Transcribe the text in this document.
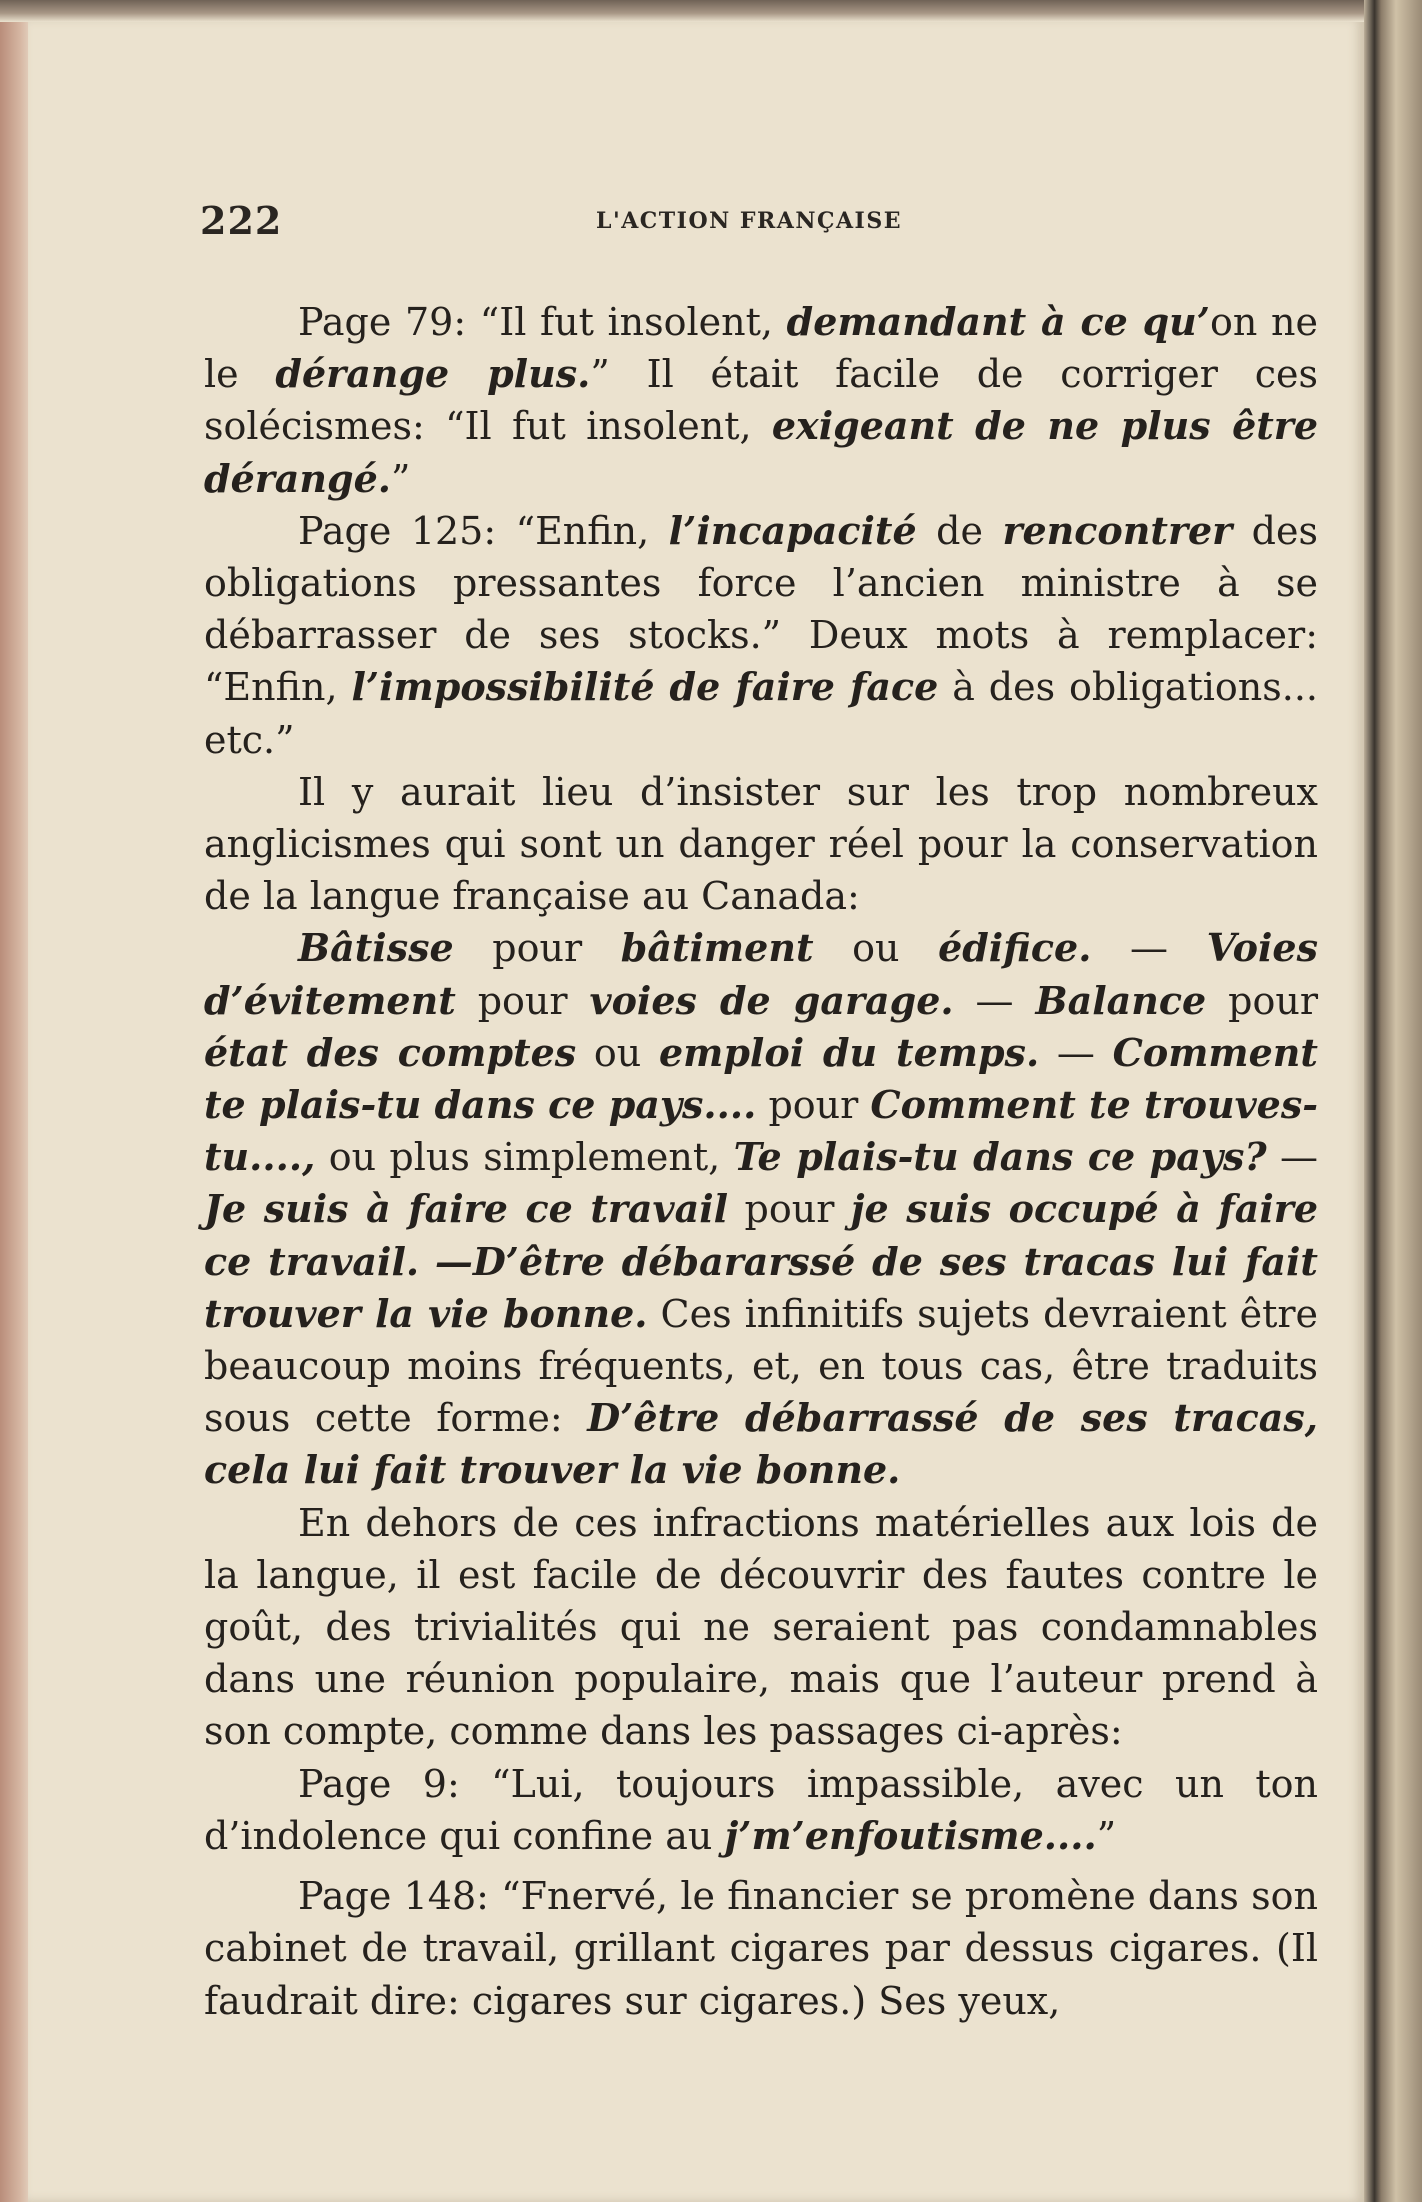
222	L'ACTION FRANÇAISE

Page 79: “Il fut insolent, demandant à ce qu’on ne le dérange plus.” Il était facile de corriger ces solécismes: “Il fut insolent, exigeant de ne plus être dérangé.”

Page 125: “Enfin, l’incapacité de rencontrer des obligations pressantes force l’ancien ministre à se débarrasser de ses stocks.” Deux mots à remplacer: “Enfin, l’impossibilité de faire face à des obligations... etc.”

Il y aurait lieu d’insister sur les trop nombreux anglicismes qui sont un danger réel pour la conservation de la langue française au Canada:

Bâtisse pour bâtiment ou édifice. — Voies d’évitement pour voies de garage. — Balance pour état des comptes ou emploi du temps. — Comment te plais-tu dans ce pays.... pour Comment te trouves-tu...., ou plus simplement, Te plais-tu dans ce pays? — Je suis à faire ce travail pour je suis occupé à faire ce travail. —D’être débararssé de ses tracas lui fait trouver la vie bonne. Ces infinitifs sujets devraient être beaucoup moins fréquents, et, en tous cas, être traduits sous cette forme: D’être débarrassé de ses tracas, cela lui fait trouver la vie bonne.

En dehors de ces infractions matérielles aux lois de la langue, il est facile de découvrir des fautes contre le goût, des trivialités qui ne seraient pas condamnables dans une réunion populaire, mais que l’auteur prend à son compte, comme dans les passages ci-après:

Page 9: “Lui, toujours impassible, avec un ton d’indolence qui confine au j’m’enfoutisme....”

Page 148: “Fnervé, le financier se promène dans son cabinet de travail, grillant cigares par dessus cigares. (Il faudrait dire: cigares sur cigares.) Ses yeux,
